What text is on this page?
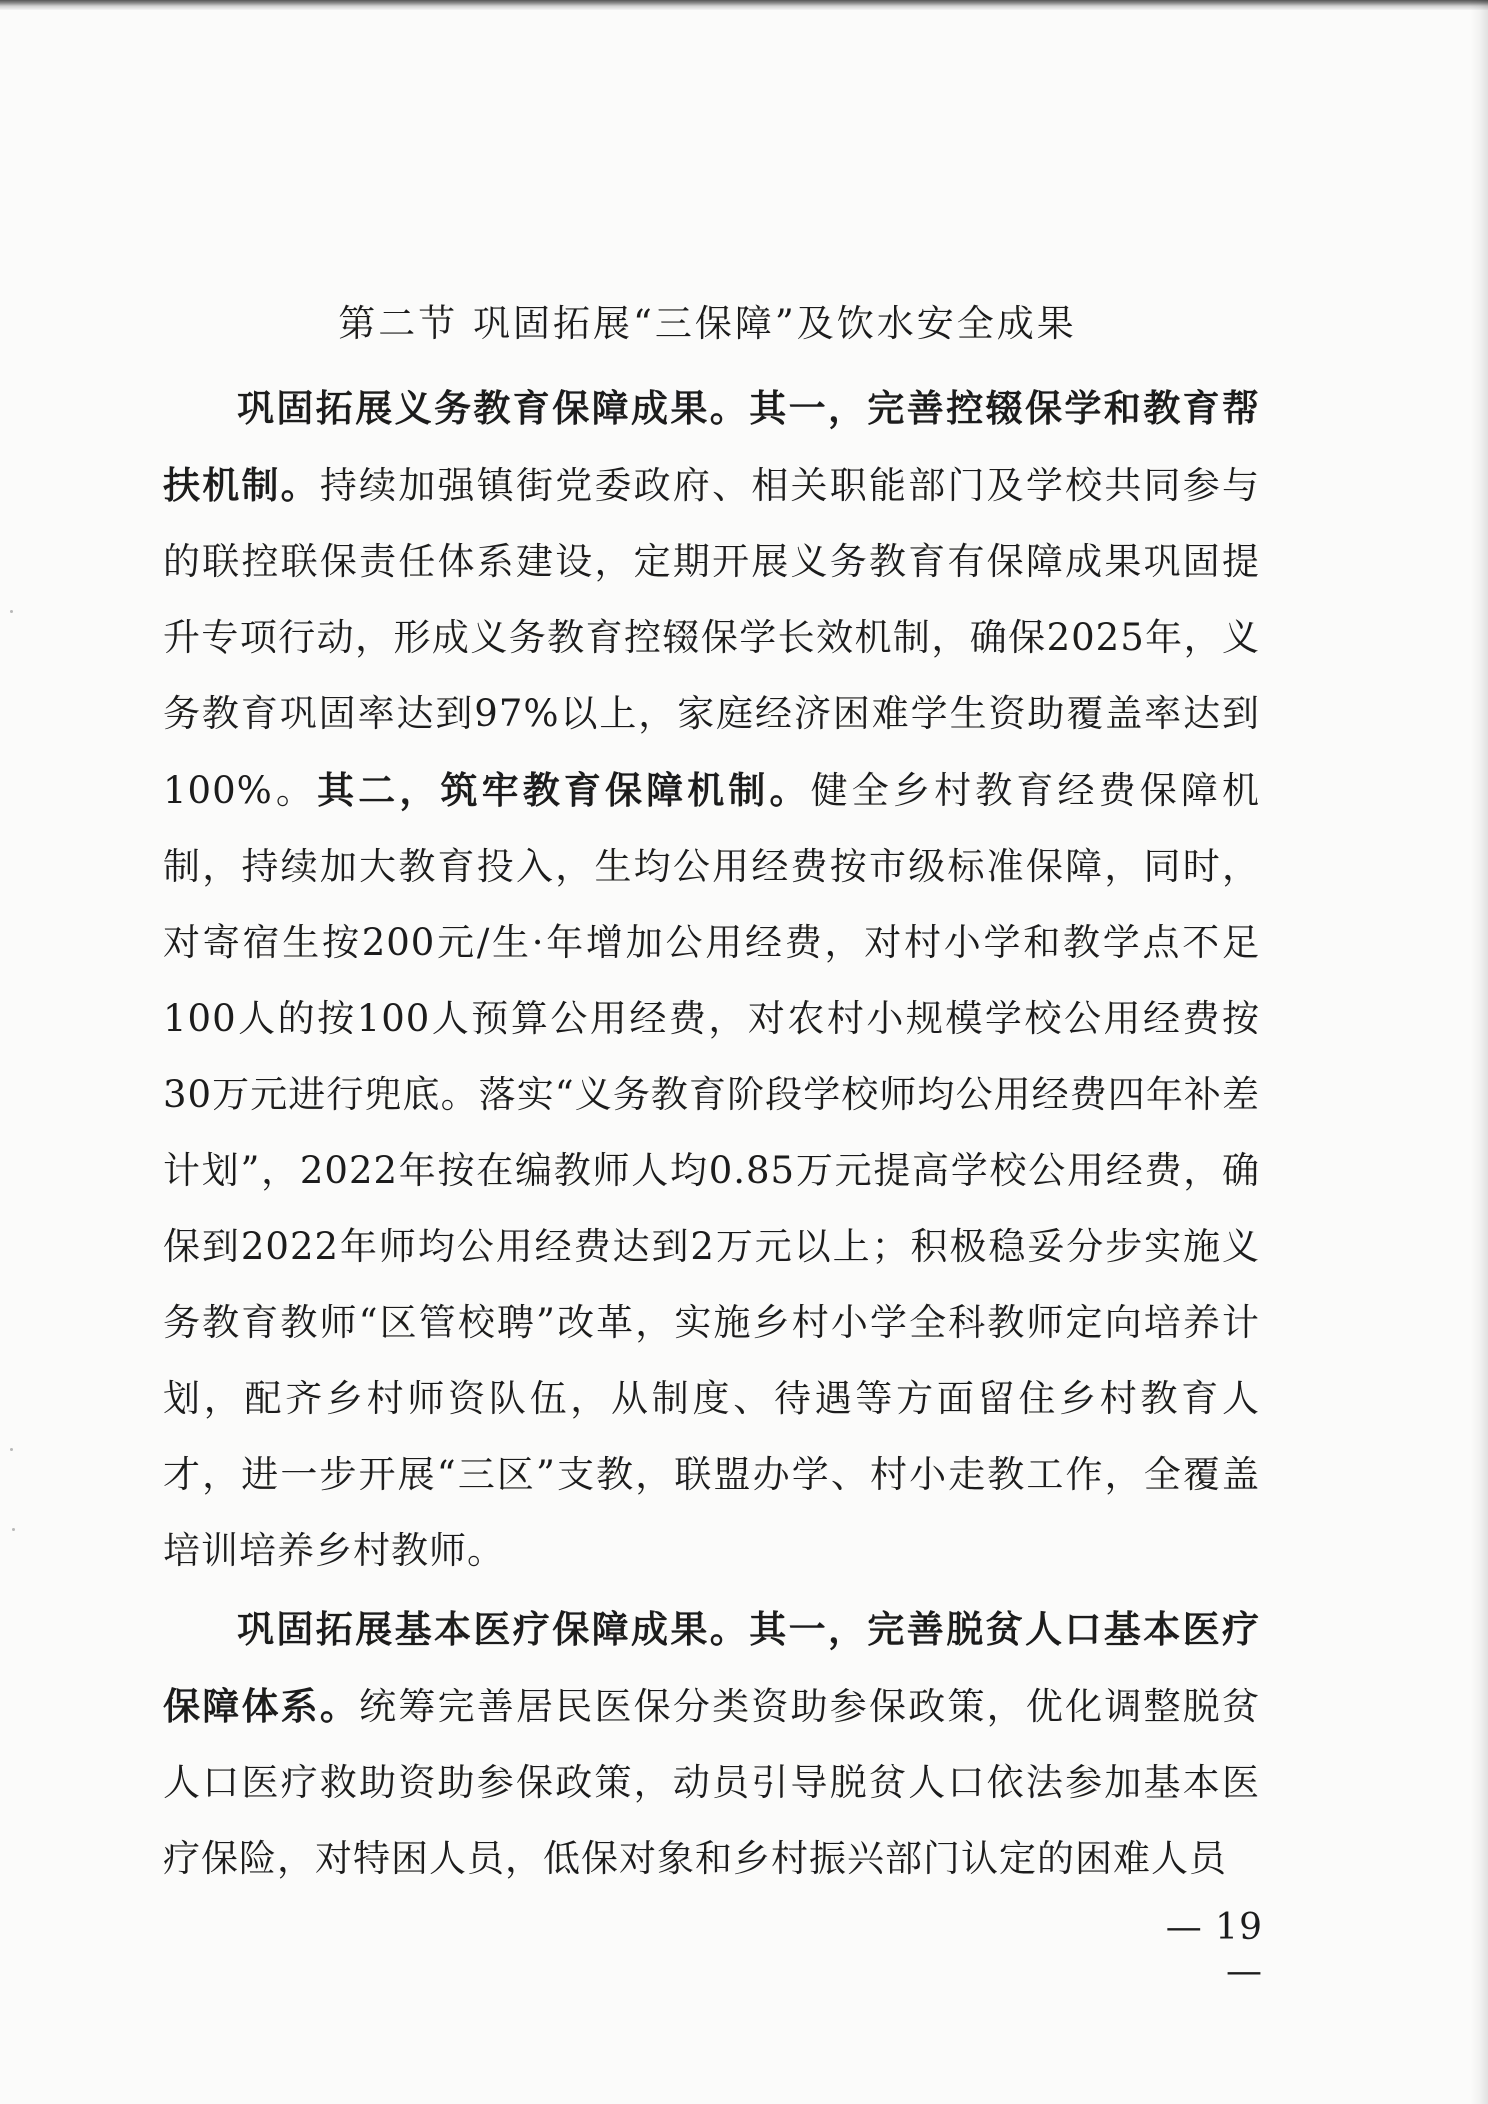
第二节 巩固拓展“三保障”及饮水安全成果

巩固拓展义务教育保障成果。其一，完善控辍保学和教育帮扶机制。持续加强镇街党委政府、相关职能部门及学校共同参与的联控联保责任体系建设，定期开展义务教育有保障成果巩固提升专项行动，形成义务教育控辍保学长效机制，确保2025年，义务教育巩固率达到97%以上，家庭经济困难学生资助覆盖率达到100%。其二，筑牢教育保障机制。健全乡村教育经费保障机制，持续加大教育投入，生均公用经费按市级标准保障，同时，对寄宿生按200元/生·年增加公用经费，对村小学和教学点不足100人的按100人预算公用经费，对农村小规模学校公用经费按30万元进行兜底。落实“义务教育阶段学校师均公用经费四年补差计划”，2022年按在编教师人均0.85万元提高学校公用经费，确保到2022年师均公用经费达到2万元以上；积极稳妥分步实施义务教育教师“区管校聘”改革，实施乡村小学全科教师定向培养计划，配齐乡村师资队伍，从制度、待遇等方面留住乡村教育人才，进一步开展“三区”支教，联盟办学、村小走教工作，全覆盖培训培养乡村教师。

巩固拓展基本医疗保障成果。其一，完善脱贫人口基本医疗保障体系。统筹完善居民医保分类资助参保政策，优化调整脱贫人口医疗救助资助参保政策，动员引导脱贫人口依法参加基本医疗保险，对特困人员，低保对象和乡村振兴部门认定的困难人员

— 19 —
